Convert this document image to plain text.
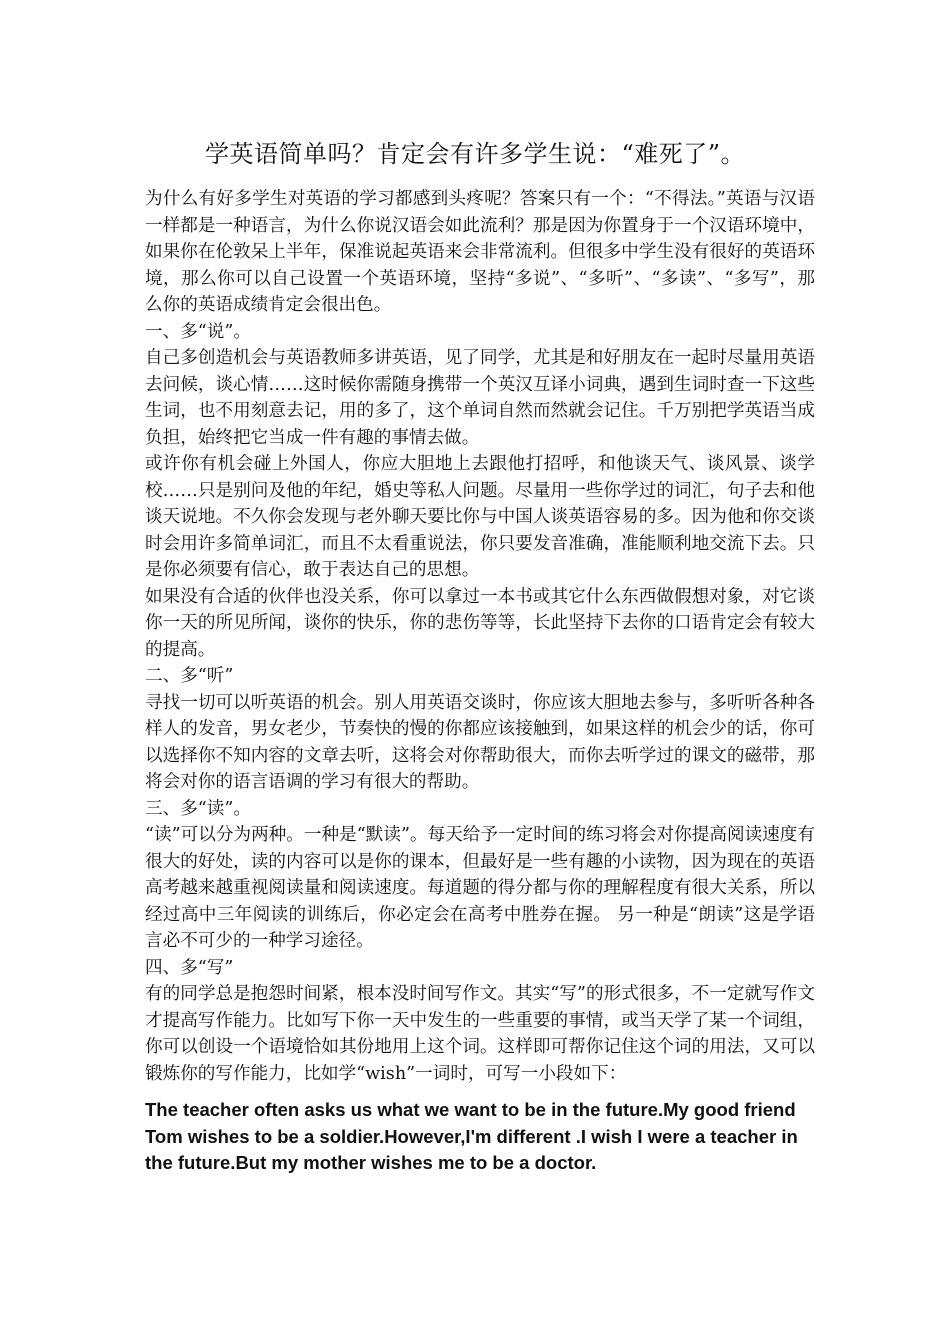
学英语简单吗？肯定会有许多学生说：“难死了”。

为什么有好多学生对英语的学习都感到头疼呢？答案只有一个：“不得法。”英语与汉语一样都是一种语言，为什么你说汉语会如此流利？那是因为你置身于一个汉语环境中，如果你在伦敦呆上半年，保准说起英语来会非常流利。但很多中学生没有很好的英语环境，那么你可以自己设置一个英语环境，坚持“多说”、“多听”、“多读”、“多写”，那么你的英语成绩肯定会很出色。

一、多“说”。

自己多创造机会与英语教师多讲英语，见了同学，尤其是和好朋友在一起时尽量用英语去问候，谈心情……这时候你需随身携带一个英汉互译小词典，遇到生词时查一下这些生词，也不用刻意去记，用的多了，这个单词自然而然就会记住。千万别把学英语当成负担，始终把它当成一件有趣的事情去做。

或许你有机会碰上外国人，你应大胆地上去跟他打招呼，和他谈天气、谈风景、谈学校……只是别问及他的年纪，婚史等私人问题。尽量用一些你学过的词汇，句子去和他谈天说地。不久你会发现与老外聊天要比你与中国人谈英语容易的多。因为他和你交谈时会用许多简单词汇，而且不太看重说法，你只要发音准确，准能顺利地交流下去。只是你必须要有信心，敢于表达自己的思想。

如果没有合适的伙伴也没关系，你可以拿过一本书或其它什么东西做假想对象，对它谈你一天的所见所闻，谈你的快乐，你的悲伤等等，长此坚持下去你的口语肯定会有较大的提高。

二、多“听”

寻找一切可以听英语的机会。别人用英语交谈时，你应该大胆地去参与，多听听各种各样人的发音，男女老少，节奏快的慢的你都应该接触到，如果这样的机会少的话，你可以选择你不知内容的文章去听，这将会对你帮助很大，而你去听学过的课文的磁带，那将会对你的语言语调的学习有很大的帮助。

三、多“读”。

“读”可以分为两种。一种是“默读”。每天给予一定时间的练习将会对你提高阅读速度有很大的好处，读的内容可以是你的课本，但最好是一些有趣的小读物，因为现在的英语高考越来越重视阅读量和阅读速度。每道题的得分都与你的理解程度有很大关系，所以经过高中三年阅读的训练后，你必定会在高考中胜券在握。 另一种是“朗读”这是学语言必不可少的一种学习途径。

四、多“写”

有的同学总是抱怨时间紧，根本没时间写作文。其实“写”的形式很多，不一定就写作文才提高写作能力。比如写下你一天中发生的一些重要的事情，或当天学了某一个词组，你可以创设一个语境恰如其份地用上这个词。这样即可帮你记住这个词的用法，又可以锻炼你的写作能力，比如学“wish”一词时，可写一小段如下：

The teacher often asks us what we want to be in the future.My good friend Tom wishes to be a soldier.However,I'm different .I wish I were a teacher in the future.But my mother wishes me to be a doctor.
